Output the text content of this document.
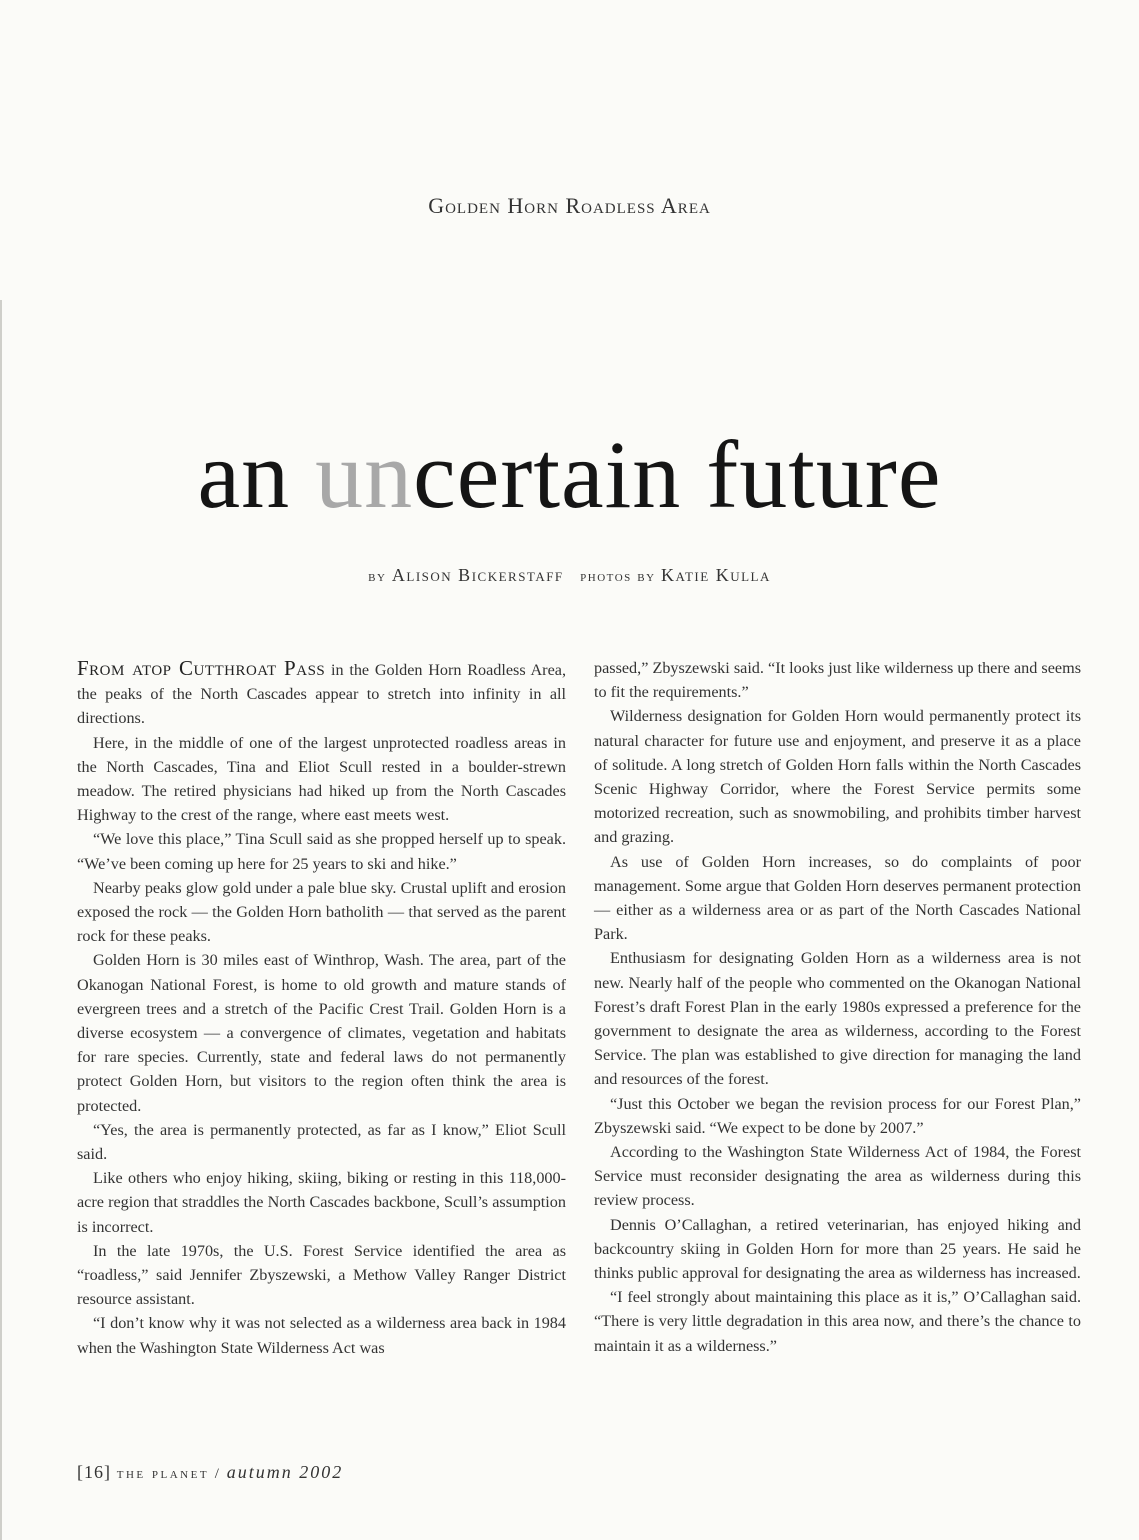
Golden Horn Roadless Area
an uncertain future
by Alison Bickerstaff photos by Katie Kulla

From atop Cutthroat Pass in the Golden Horn Roadless Area, the peaks of the North Cascades appear to stretch into infinity in all directions.

Here, in the middle of one of the largest unprotected roadless areas in the North Cascades, Tina and Eliot Scull rested in a boulder-strewn meadow. The retired physicians had hiked up from the North Cascades Highway to the crest of the range, where east meets west.

“We love this place,” Tina Scull said as she propped herself up to speak. “We’ve been coming up here for 25 years to ski and hike.”

Nearby peaks glow gold under a pale blue sky. Crustal uplift and erosion exposed the rock — the Golden Horn batholith — that served as the parent rock for these peaks.

Golden Horn is 30 miles east of Winthrop, Wash. The area, part of the Okanogan National Forest, is home to old growth and mature stands of evergreen trees and a stretch of the Pacific Crest Trail. Golden Horn is a diverse ecosystem — a convergence of climates, vegetation and habitats for rare species. Currently, state and federal laws do not permanently protect Golden Horn, but visitors to the region often think the area is protected.

“Yes, the area is permanently protected, as far as I know,” Eliot Scull said.

Like others who enjoy hiking, skiing, biking or resting in this 118,000-acre region that straddles the North Cascades backbone, Scull’s assumption is incorrect.

In the late 1970s, the U.S. Forest Service identified the area as “roadless,” said Jennifer Zbyszewski, a Methow Valley Ranger District resource assistant.

“I don’t know why it was not selected as a wilderness area back in 1984 when the Washington State Wilderness Act was

passed,” Zbyszewski said. “It looks just like wilderness up there and seems to fit the requirements.”

Wilderness designation for Golden Horn would permanently protect its natural character for future use and enjoyment, and preserve it as a place of solitude. A long stretch of Golden Horn falls within the North Cascades Scenic Highway Corridor, where the Forest Service permits some motorized recreation, such as snowmobiling, and prohibits timber harvest and grazing.

As use of Golden Horn increases, so do complaints of poor management. Some argue that Golden Horn deserves permanent protection — either as a wilderness area or as part of the North Cascades National Park.

Enthusiasm for designating Golden Horn as a wilderness area is not new. Nearly half of the people who commented on the Okanogan National Forest’s draft Forest Plan in the early 1980s expressed a preference for the government to designate the area as wilderness, according to the Forest Service. The plan was established to give direction for managing the land and resources of the forest.

“Just this October we began the revision process for our Forest Plan,” Zbyszewski said. “We expect to be done by 2007.”

According to the Washington State Wilderness Act of 1984, the Forest Service must reconsider designating the area as wilderness during this review process.

Dennis O’Callaghan, a retired veterinarian, has enjoyed hiking and backcountry skiing in Golden Horn for more than 25 years. He said he thinks public approval for designating the area as wilderness has increased.

“I feel strongly about maintaining this place as it is,” O’Callaghan said. “There is very little degradation in this area now, and there’s the chance to maintain it as a wilderness.”

[16] the planet / autumn 2002
